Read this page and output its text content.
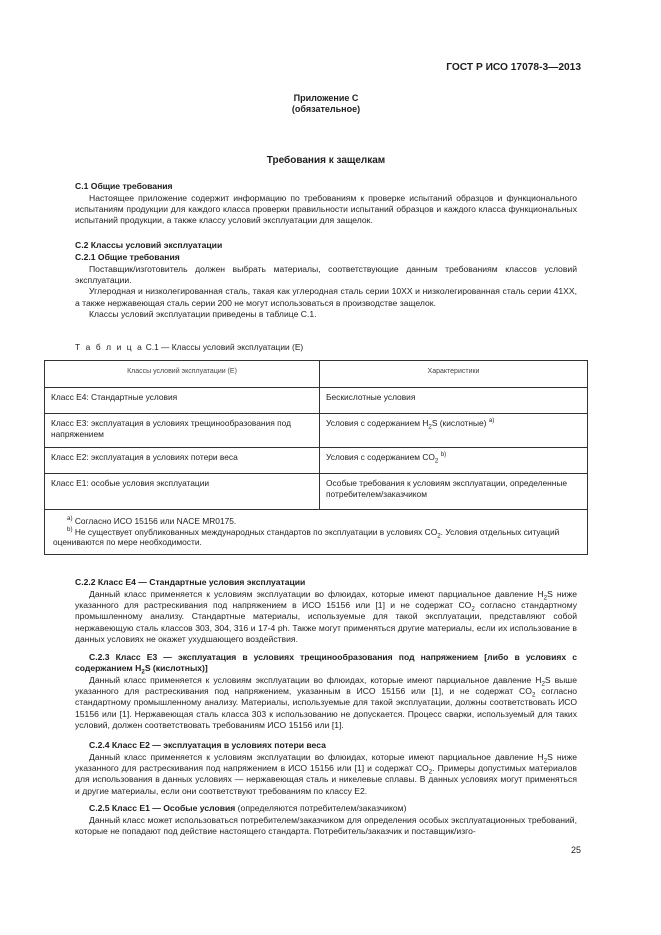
ГОСТ Р ИСО 17078-3—2013
Приложение C
(обязательное)
Требования к защелкам
C.1 Общие требования

Настоящее приложение содержит информацию по требованиям к проверке испытаний образцов и функционального испытаниям продукции для каждого класса проверки правильности испытаний образцов и каждого класса функциональных испытаний продукции, а также классу условий эксплуатации для защелок.

C.2 Классы условий эксплуатации
C.2.1 Общие требования

Поставщик/изготовитель должен выбрать материалы, соответствующие данным требованиям классов условий эксплуатации.

Углеродная и низколегированная сталь, такая как углеродная сталь серии 10ХХ и низколегированная сталь серии 41ХХ, а также нержавеющая сталь серии 200 не могут использоваться в производстве защелок.

Классы условий эксплуатации приведены в таблице C.1.

Т а б л и ц а C.1 — Классы условий эксплуатации (E)
Классы условий эксплуатации (E)	Характеристики
Класс E4: Стандартные условия	Бескислотные условия
Класс E3: эксплуатация в условиях трещинообразования под напряжением	Условия с содержанием $H_2S$ (кислотные) $^{a)}$
Класс E2: эксплуатация в условиях потери веса	Условия с содержанием $CO_2$ $^{b)}$
Класс E1: особые условия эксплуатации	Особые требования к условиям эксплуатации, определенные потребителем/заказчиком

$^{a)}$ Согласно ИСО 15156 или NACE MR0175.

$^{b)}$ Не существует опубликованных международных стандартов по эксплуатации в условиях $CO_2$. Условия отдельных ситуаций оцениваются по мере необходимости.	

C.2.2 Класс E4 — Стандартные условия эксплуатации

Данный класс применяется к условиям эксплуатации во флюидах, которые имеют парциальное давление $H_2S$ ниже указанного для растрескивания под напряжением в ИСО 15156 или [1] и не содержат $CO_2$ согласно стандартному промышленному анализу. Стандартные материалы, используемые для такой эксплуатации, представляют собой нержавеющую сталь классов 303, 304, 316 и 17-4 ph. Также могут применяться другие материалы, если их использование в данных условиях не окажет ухудшающего воздействия.

C.2.3 Класс E3 — эксплуатация в условиях трещинообразования под напряжением [либо в условиях с содержанием $H_2S$ (кислотных)]

Данный класс применяется к условиям эксплуатации во флюидах, которые имеют парциальное давление $H_2S$ выше указанного для растрескивания под напряжением, указанным в ИСО 15156 или [1], и не содержат $CO_2$ согласно стандартному промышленному анализу. Материалы, используемые для такой эксплуатации, должны соответствовать ИСО 15156 или [1]. Нержавеющая сталь класса 303 к использованию не допускается. Процесс сварки, используемый для таких условий, должен соответствовать требованиям ИСО 15156 или [1].

C.2.4 Класс E2 — эксплуатация в условиях потери веса

Данный класс применяется к условиям эксплуатации во флюидах, которые имеют парциальное давление $H_2S$ ниже указанного для растрескивания под напряжением в ИСО 15156 или [1] и содержат $CO_2$. Примеры допустимых материалов для использования в данных условиях — нержавеющая сталь и никелевые сплавы. В данных условиях могут применяться и другие материалы, если они соответствуют требованиям по классу E2.

C.2.5 Класс E1 — Особые условия (определяются потребителем/заказчиком)

Данный класс может использоваться потребителем/заказчиком для определения особых эксплуатационных требований, которые не попадают под действие настоящего стандарта. Потребитель/заказчик и поставщик/изго-

25
